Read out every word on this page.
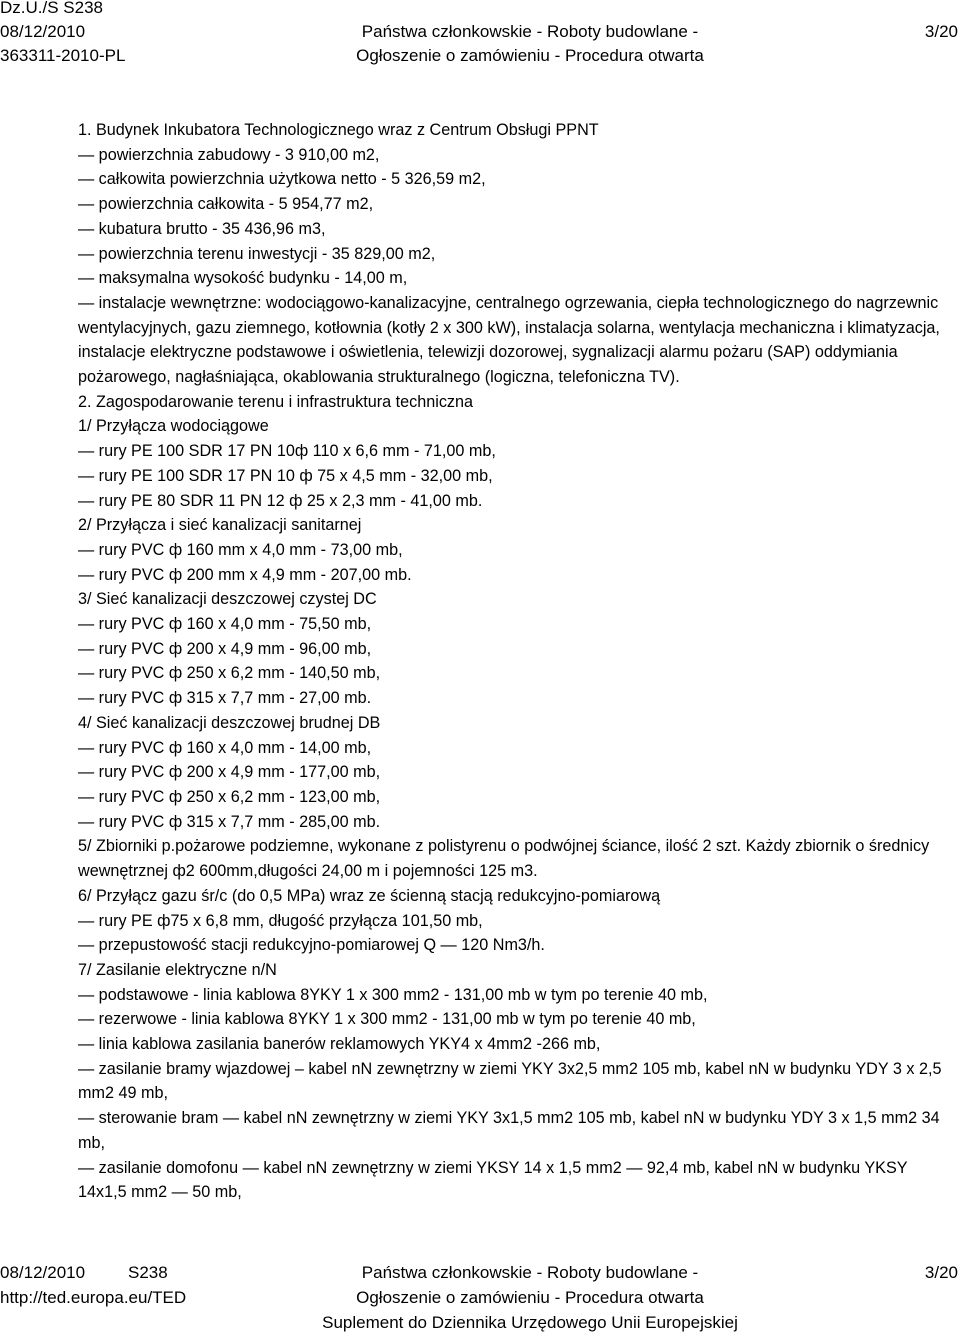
Dz.U./S S238
08/12/2010
363311-2010-PL
Państwa członkowskie - Roboty budowlane -
Ogłoszenie o zamówieniu - Procedura otwarta
3/20

1. Budynek Inkubatora Technologicznego wraz z Centrum Obsługi PPNT

— powierzchnia zabudowy - 3 910,00 m2,

— całkowita powierzchnia użytkowa netto - 5 326,59 m2,

— powierzchnia całkowita - 5 954,77 m2,

— kubatura brutto - 35 436,96 m3,

— powierzchnia terenu inwestycji - 35 829,00 m2,

— maksymalna wysokość budynku - 14,00 m,

— instalacje wewnętrzne: wodociągowo-kanalizacyjne, centralnego ogrzewania, ciepła technologicznego do nagrzewnic wentylacyjnych, gazu ziemnego, kotłownia (kotły 2 x 300 kW), instalacja solarna, wentylacja mechaniczna i klimatyzacja, instalacje elektryczne podstawowe i oświetlenia, telewizji dozorowej, sygnalizacji alarmu pożaru (SAP) oddymiania pożarowego, nagłaśniająca, okablowania strukturalnego (logiczna, telefoniczna TV).

2. Zagospodarowanie terenu i infrastruktura techniczna

1/ Przyłącza wodociągowe

— rury PE 100 SDR 17 PN 10ф 110 x 6,6 mm - 71,00 mb,

— rury PE 100 SDR 17 PN 10 ф 75 x 4,5 mm - 32,00 mb,

— rury PE 80 SDR 11 PN 12 ф 25 x 2,3 mm - 41,00 mb.

2/ Przyłącza i sieć kanalizacji sanitarnej

— rury PVC ф 160 mm x 4,0 mm - 73,00 mb,

— rury PVC ф 200 mm x 4,9 mm - 207,00 mb.

3/ Sieć kanalizacji deszczowej czystej DC

— rury PVC ф 160 x 4,0 mm - 75,50 mb,

— rury PVC ф 200 x 4,9 mm - 96,00 mb,

— rury PVC ф 250 x 6,2 mm - 140,50 mb,

— rury PVC ф 315 x 7,7 mm - 27,00 mb.

4/ Sieć kanalizacji deszczowej brudnej DB

— rury PVC ф 160 x 4,0 mm - 14,00 mb,

— rury PVC ф 200 x 4,9 mm - 177,00 mb,

— rury PVC ф 250 x 6,2 mm - 123,00 mb,

— rury PVC ф 315 x 7,7 mm - 285,00 mb.

5/ Zbiorniki p.pożarowe podziemne, wykonane z polistyrenu o podwójnej ściance, ilość 2 szt. Każdy zbiornik o średnicy wewnętrznej ф2 600mm,długości 24,00 m i pojemności 125 m3.

6/ Przyłącz gazu śr/c (do 0,5 MPa) wraz ze ścienną stacją redukcyjno-pomiarową

— rury PE ф75 x 6,8 mm, długość przyłącza 101,50 mb,

— przepustowość stacji redukcyjno-pomiarowej Q — 120 Nm3/h.

7/ Zasilanie elektryczne n/N

— podstawowe - linia kablowa 8YKY 1 x 300 mm2 - 131,00 mb w tym po terenie 40 mb,

— rezerwowe - linia kablowa 8YKY 1 x 300 mm2 - 131,00 mb w tym po terenie 40 mb,

— linia kablowa zasilania banerów reklamowych YKY4 x 4mm2 -266 mb,

— zasilanie bramy wjazdowej – kabel nN zewnętrzny w ziemi YKY 3x2,5 mm2 105 mb, kabel nN w budynku YDY 3 x 2,5 mm2 49 mb,

— sterowanie bram — kabel nN zewnętrzny w ziemi YKY 3x1,5 mm2 105 mb, kabel nN w budynku YDY 3 x 1,5 mm2 34 mb,

— zasilanie domofonu — kabel nN zewnętrzny w ziemi YKSY 14 x 1,5 mm2 — 92,4 mb, kabel nN w budynku YKSY 14x1,5 mm2 — 50 mb,

08/12/2010	S238
http://ted.europa.eu/TED
Państwa członkowskie - Roboty budowlane -
Ogłoszenie o zamówieniu - Procedura otwarta
Suplement do Dziennika Urzędowego Unii Europejskiej
3/20
